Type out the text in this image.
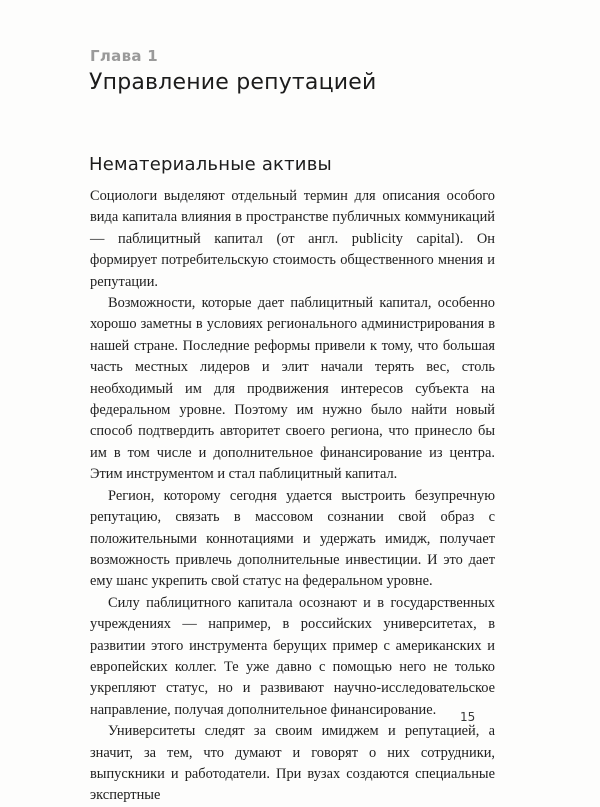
Глава 1
Управление репутацией
Нематериальные активы

Социологи выделяют отдельный термин для описания особого вида капитала влияния в пространстве публичных коммуникаций — паблицитный капитал (от англ. publicity capital). Он формирует потребительскую стоимость общественного мнения и репутации.

Возможности, которые дает паблицитный капитал, особенно хорошо заметны в условиях регионального администрирования в нашей стране. Последние реформы привели к тому, что большая часть местных лидеров и элит начали терять вес, столь необходимый им для продвижения интересов субъекта на федеральном уровне. Поэтому им нужно было найти новый способ подтвердить авторитет своего региона, что принесло бы им в том числе и дополнительное финансирование из центра. Этим инструментом и стал паблицитный капитал.

Регион, которому сегодня удается выстроить безупречную репутацию, связать в массовом сознании свой образ с положительными коннотациями и удержать имидж, получает возможность привлечь дополнительные инвестиции. И это дает ему шанс укрепить свой статус на федеральном уровне.

Силу паблицитного капитала осознают и в государственных учреждениях — например, в российских университетах, в развитии этого инструмента берущих пример с американских и европейских коллег. Те уже давно с помощью него не только укрепляют статус, но и развивают научно-исследовательское направление, получая дополнительное финансирование.

Университеты следят за своим имиджем и репутацией, а значит, за тем, что думают и говорят о них сотрудники, выпускники и работодатели. При вузах создаются специальные экспертные

15
